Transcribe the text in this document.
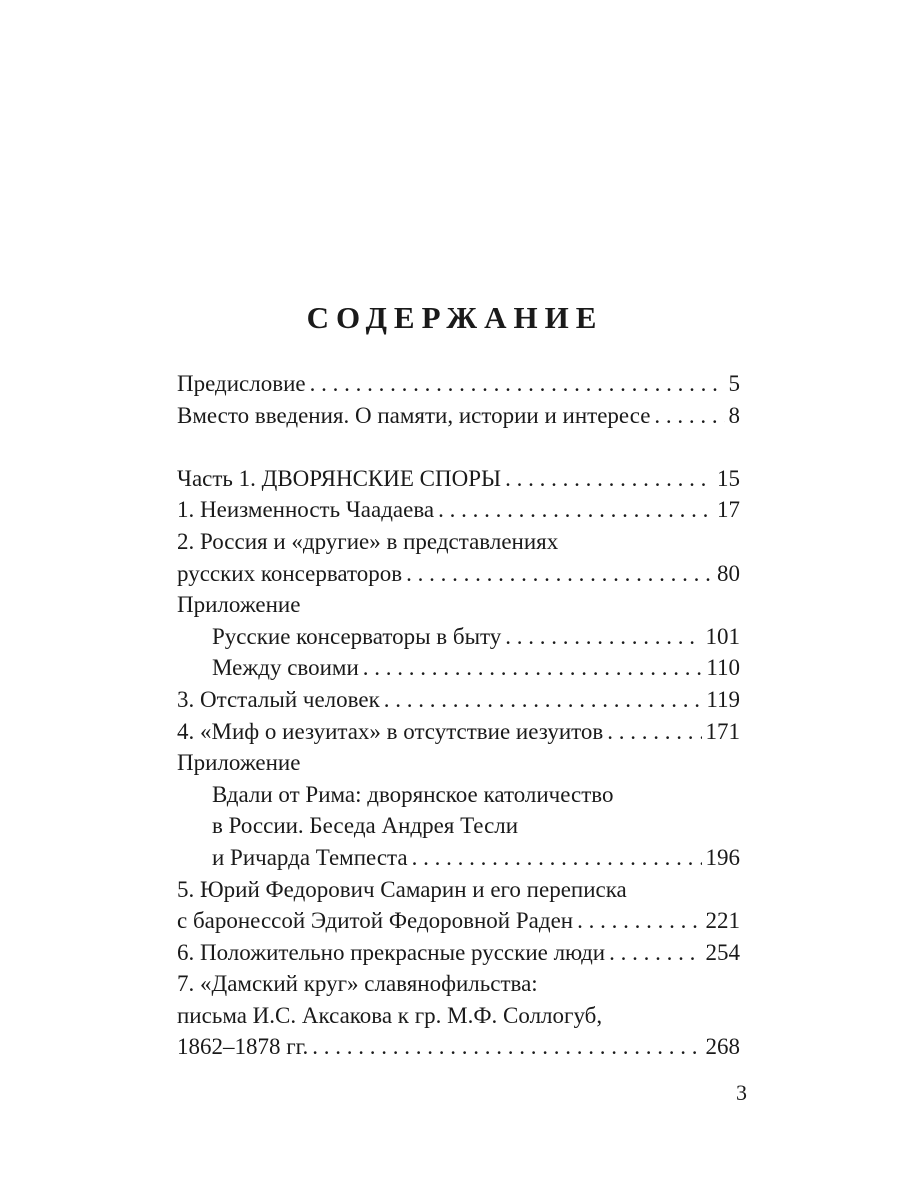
СОДЕРЖАНИЕ
Предисловие . . .	5
Вместо введения. О памяти, истории и интересе . . .	8
Часть 1. ДВОРЯНСКИЕ СПОРЫ . . .	15
1. Неизменность Чаадаева . . .	17
2. Россия и «другие» в представлениях
русских консерваторов . . .	80
Приложение
Русские консерваторы в быту . . .	101
Между своими . . .	110
3. Отсталый человек . . .	119
4. «Миф о иезуитах» в отсутствие иезуитов . . .	171
Приложение
Вдали от Рима: дворянское католичество
в России. Беседа Андрея Тесли
и Ричарда Темпеста . . .	196
5. Юрий Федорович Самарин и его переписка
с баронессой Эдитой Федоровной Раден . . .	221
6. Положительно прекрасные русские люди . . .	254
7. «Дамский круг» славянофильства:
письма И.С. Аксакова к гр. М.Ф. Соллогуб,
1862–1878 гг. . . .	268
3
